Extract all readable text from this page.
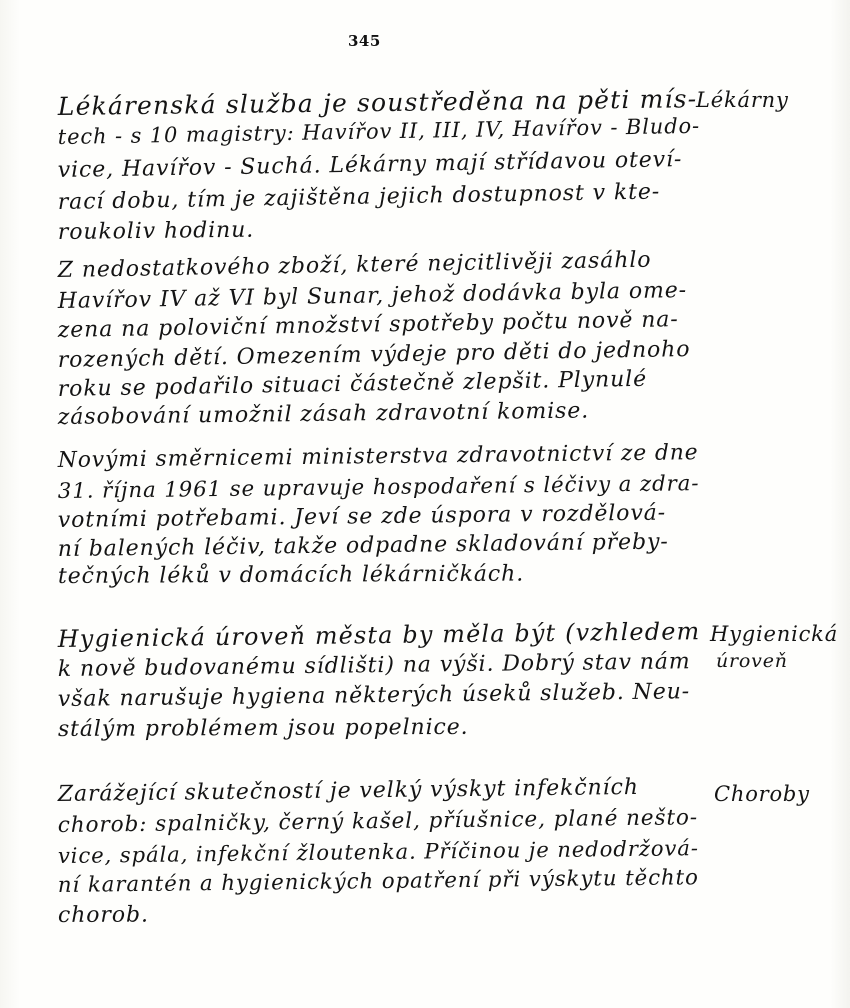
345
Lékárenská služba je soustředěna na pěti mís-
tech - s 10 magistry: Havířov II, III, IV, Havířov - Bludo-
vice, Havířov - Suchá. Lékárny mají střídavou oteví-
rací dobu, tím je zajištěna jejich dostupnost v kte-
roukoliv hodinu.
Lékárny
Z nedostatkového zboží, které nejcitlivěji zasáhlo
Havířov IV až VI byl Sunar, jehož dodávka byla ome-
zena na poloviční množství spotřeby počtu nově na-
rozených dětí. Omezením výdeje pro děti do jednoho
roku se podařilo situaci částečně zlepšit. Plynulé
zásobování umožnil zásah zdravotní komise.
Novými směrnicemi ministerstva zdravotnictví ze dne
31. října 1961 se upravuje hospodaření s léčivy a zdra-
votními potřebami. Jeví se zde úspora v rozdělová-
ní balených léčiv, takže odpadne skladování přeby-
tečných léků v domácích lékárničkách.
Hygienická úroveň města by měla být (vzhledem
k nově budovanému sídlišti) na výši. Dobrý stav nám
však narušuje hygiena některých úseků služeb. Neu-
stálým problémem jsou popelnice.
Hygienická
úroveň
Zarážející skutečností je velký výskyt infekčních
chorob: spalničky, černý kašel, příušnice, plané nešto-
vice, spála, infekční žloutenka. Příčinou je nedodržová-
ní karantén a hygienických opatření při výskytu těchto
chorob.
Choroby
